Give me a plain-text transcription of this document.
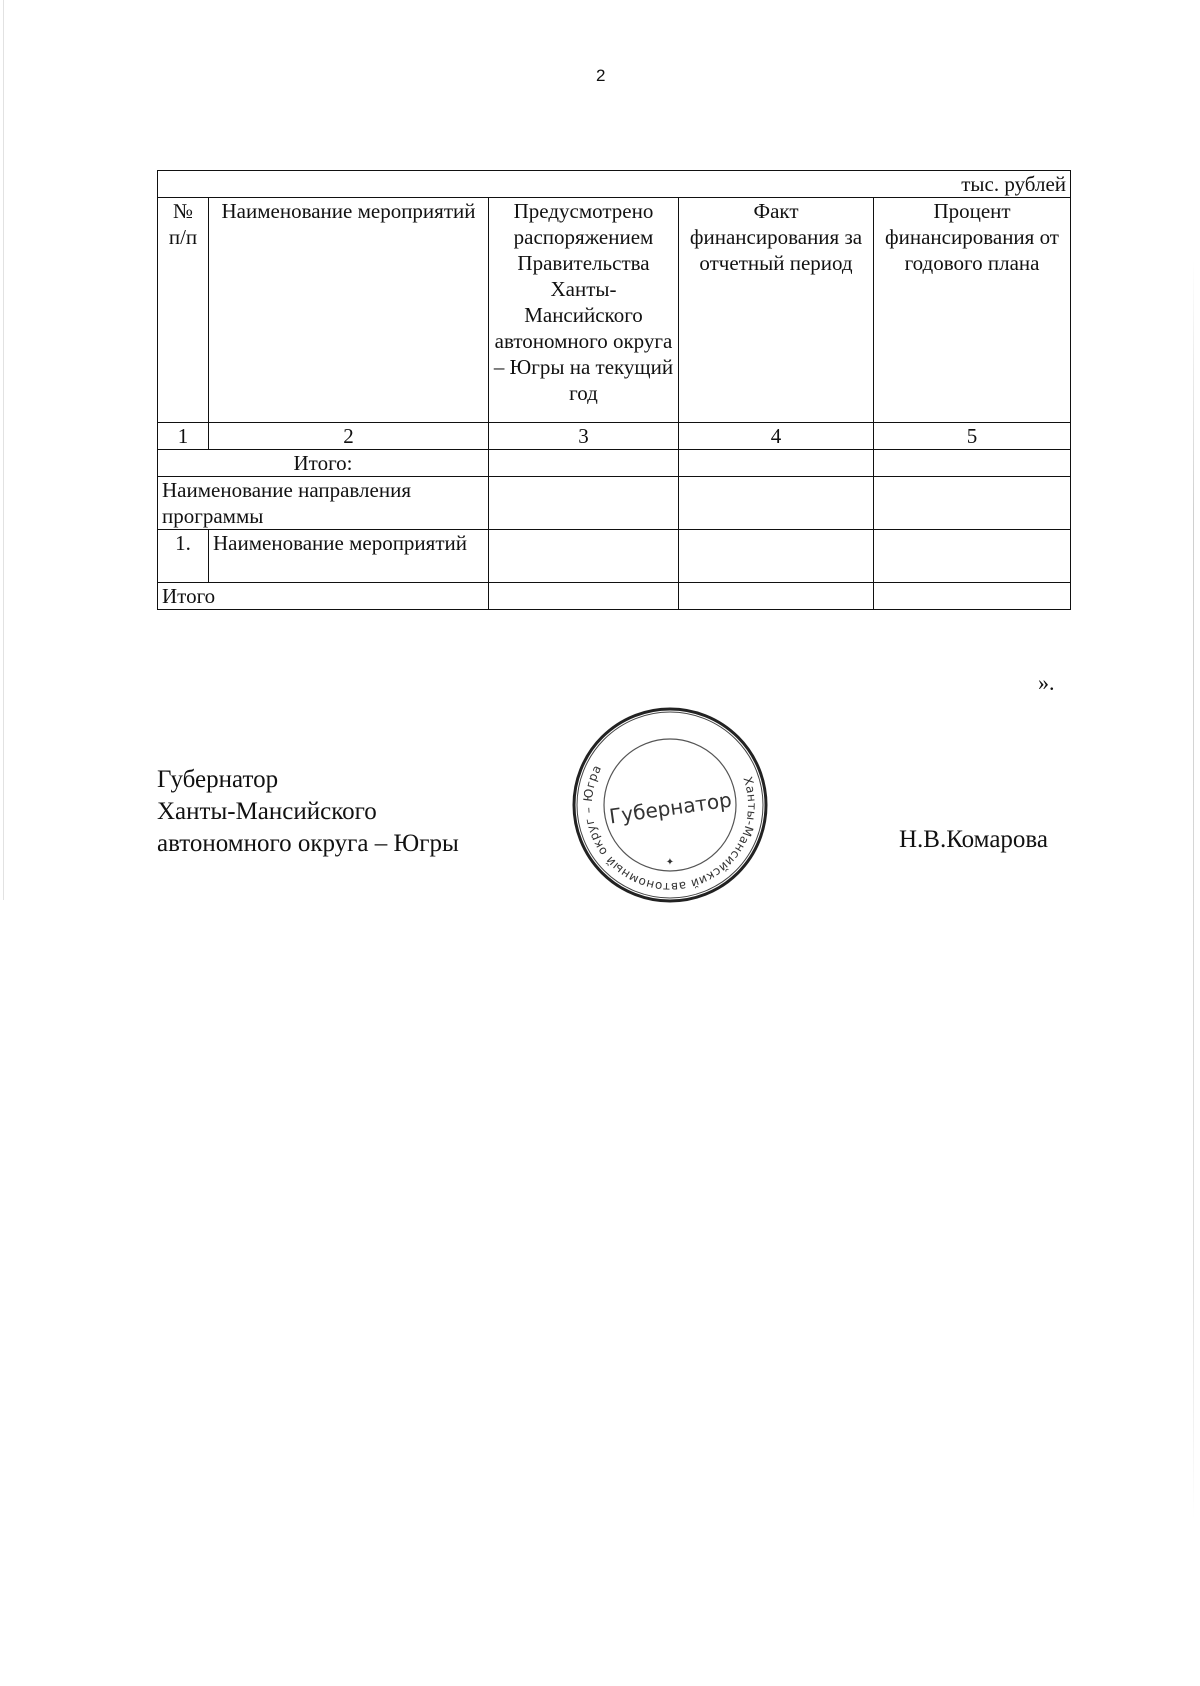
2
тыс. рублей				
№ п/п	Наименование мероприятий	Предусмотрено распоряжением Правительства Ханты-Мансийского автономного округа – Югры на текущий год	Факт финансирования за отчетный период	Процент финансирования от годового плана
1	2	3	4	5
Итого:				
Наименование направления программы				
1.	Наименование мероприятий			
Итого				
».
Губернатор
Ханты-Мансийского
автономного округа – Югры
Ханты-Мансийский автономный округ – Югра
Губернатор
✦
Н.В.Комарова
